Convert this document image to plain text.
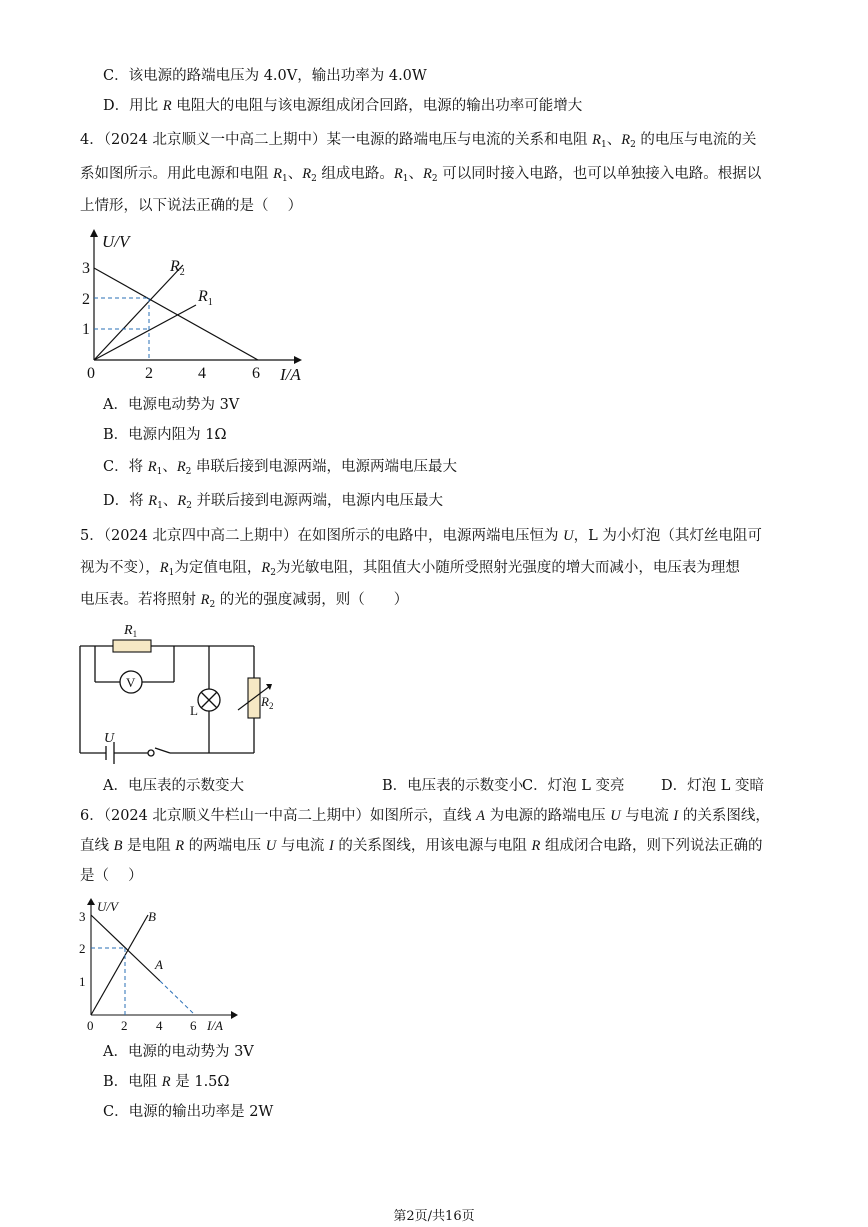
C．该电源的路端电压为 4.0V，输出功率为 4.0W
D．用比 R 电阻大的电阻与该电源组成闭合回路，电源的输出功率可能增大
4．（2024 北京顺义一中高二上期中）某一电源的路端电压与电流的关系和电阻 $R_1$、$R_2$ 的电压与电流的关
系如图所示。用此电源和电阻 $R_1$、$R_2$ 组成电路。$R_1$、$R_2$ 可以同时接入电路，也可以单独接入电路。根据以
上情形，以下说法正确的是（　 ）
U/V
I/A
0	2	4	6
1
2
3	$R_2$
$R_1$
A．电源电动势为 3V
B．电源内阻为 1Ω
C．将 $R_1$、$R_2$ 串联后接到电源两端，电源两端电压最大
D．将 $R_1$、$R_2$ 并联后接到电源两端，电源内电压最大
5．（2024 北京四中高二上期中）在如图所示的电路中，电源两端电压恒为 U，L 为小灯泡（其灯丝电阻可
视为不变），$R_1$为定值电阻，$R_2$为光敏电阻，其阻值大小随所受照射光强度的增大而减小，电压表为理想
电压表。若将照射 $R_2$ 的光的强度减弱，则（　　）
V
$R_1$
$R_2$
L
U
A．电压表的示数变大	B．电压表的示数变小
C．灯泡 L 变亮	D．灯泡 L 变暗
6．（2024 北京顺义牛栏山一中高二上期中）如图所示，直线 A 为电源的路端电压 U 与电流 I 的关系图线，
直线 B 是电阻 R 的两端电压 U 与电流 I 的关系图线，用该电源与电阻 R 组成闭合电路，则下列说法正确的
是（　 ）
U/V
I/A
0 2 4 6
1
2
3	B
A
A．电源的电动势为 3V
B．电阻 R 是 1.5Ω
C．电源的输出功率是 2W
第2页/共16页
